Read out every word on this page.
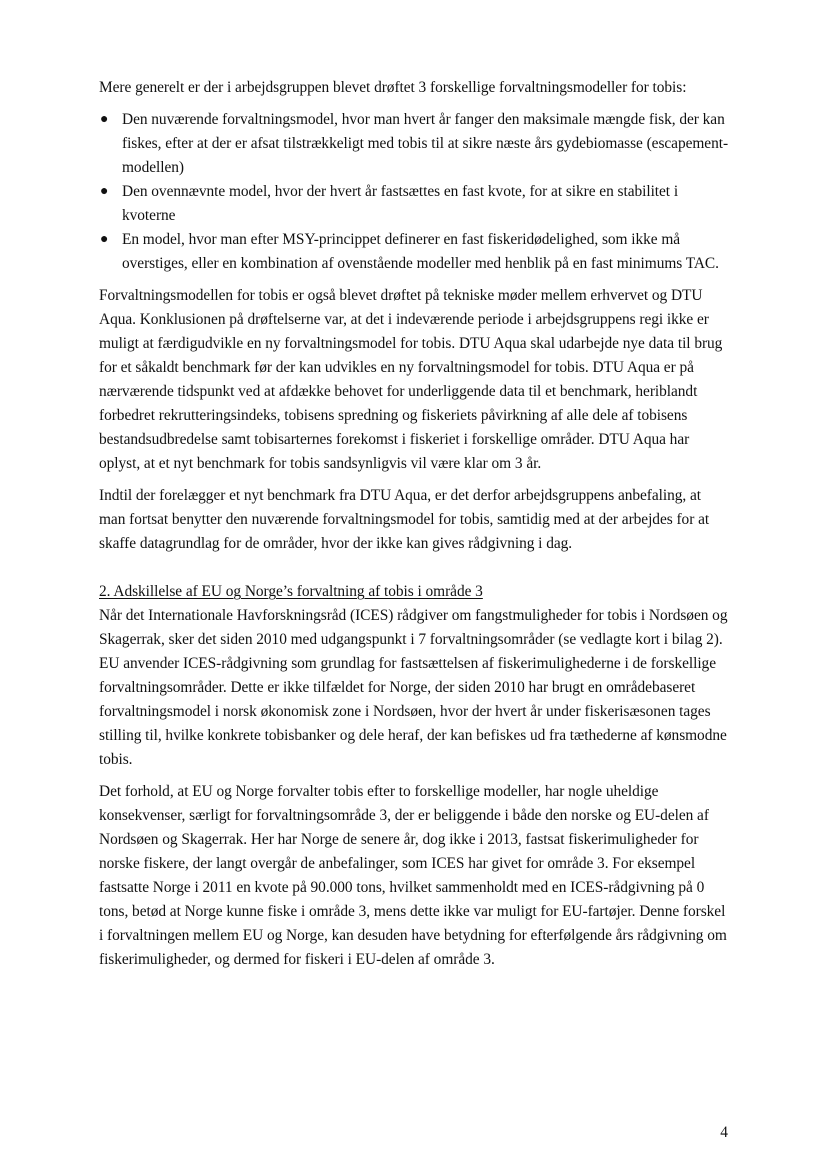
Mere generelt er der i arbejdsgruppen blevet drøftet 3 forskellige forvaltningsmodeller for tobis:

● Den nuværende forvaltningsmodel, hvor man hvert år fanger den maksimale mængde fisk, der kan fiskes, efter at der er afsat tilstrækkeligt med tobis til at sikre næste års gydebiomasse (escapement-modellen)
● Den ovennævnte model, hvor der hvert år fastsættes en fast kvote, for at sikre en stabilitet i kvoterne
● En model, hvor man efter MSY-princippet definerer en fast fiskeridødelighed, som ikke må overstiges, eller en kombination af ovenstående modeller med henblik på en fast minimums TAC.

Forvaltningsmodellen for tobis er også blevet drøftet på tekniske møder mellem erhvervet og DTU Aqua. Konklusionen på drøftelserne var, at det i indeværende periode i arbejdsgruppens regi ikke er muligt at færdigudvikle en ny forvaltningsmodel for tobis. DTU Aqua skal udarbejde nye data til brug for et såkaldt benchmark før der kan udvikles en ny forvaltningsmodel for tobis. DTU Aqua er på nærværende tidspunkt ved at afdække behovet for underliggende data til et benchmark, heriblandt forbedret rekrutteringsindeks, tobisens spredning og fiskeriets påvirkning af alle dele af tobisens bestandsudbredelse samt tobisarternes forekomst i fiskeriet i forskellige områder. DTU Aqua har oplyst, at et nyt benchmark for tobis sandsynligvis vil være klar om 3 år.

Indtil der forelægger et nyt benchmark fra DTU Aqua, er det derfor arbejdsgruppens anbefaling, at man fortsat benytter den nuværende forvaltningsmodel for tobis, samtidig med at der arbejdes for at skaffe datagrundlag for de områder, hvor der ikke kan gives rådgivning i dag.

2. Adskillelse af EU og Norge’s forvaltning af tobis i område 3

Når det Internationale Havforskningsråd (ICES) rådgiver om fangstmuligheder for tobis i Nordsøen og Skagerrak, sker det siden 2010 med udgangspunkt i 7 forvaltningsområder (se vedlagte kort i bilag 2). EU anvender ICES-rådgivning som grundlag for fastsættelsen af fiskerimulighederne i de forskellige forvaltningsområder. Dette er ikke tilfældet for Norge, der siden 2010 har brugt en områdebaseret forvaltningsmodel i norsk økonomisk zone i Nordsøen, hvor der hvert år under fiskerisæsonen tages stilling til, hvilke konkrete tobisbanker og dele heraf, der kan befiskes ud fra tæthederne af kønsmodne tobis.

Det forhold, at EU og Norge forvalter tobis efter to forskellige modeller, har nogle uheldige konsekvenser, særligt for forvaltningsområde 3, der er beliggende i både den norske og EU-delen af Nordsøen og Skagerrak. Her har Norge de senere år, dog ikke i 2013, fastsat fiskerimuligheder for norske fiskere, der langt overgår de anbefalinger, som ICES har givet for område 3. For eksempel fastsatte Norge i 2011 en kvote på 90.000 tons, hvilket sammenholdt med en ICES-rådgivning på 0 tons, betød at Norge kunne fiske i område 3, mens dette ikke var muligt for EU-fartøjer. Denne forskel i forvaltningen mellem EU og Norge, kan desuden have betydning for efterfølgende års rådgivning om fiskerimuligheder, og dermed for fiskeri i EU-delen af område 3.

4
